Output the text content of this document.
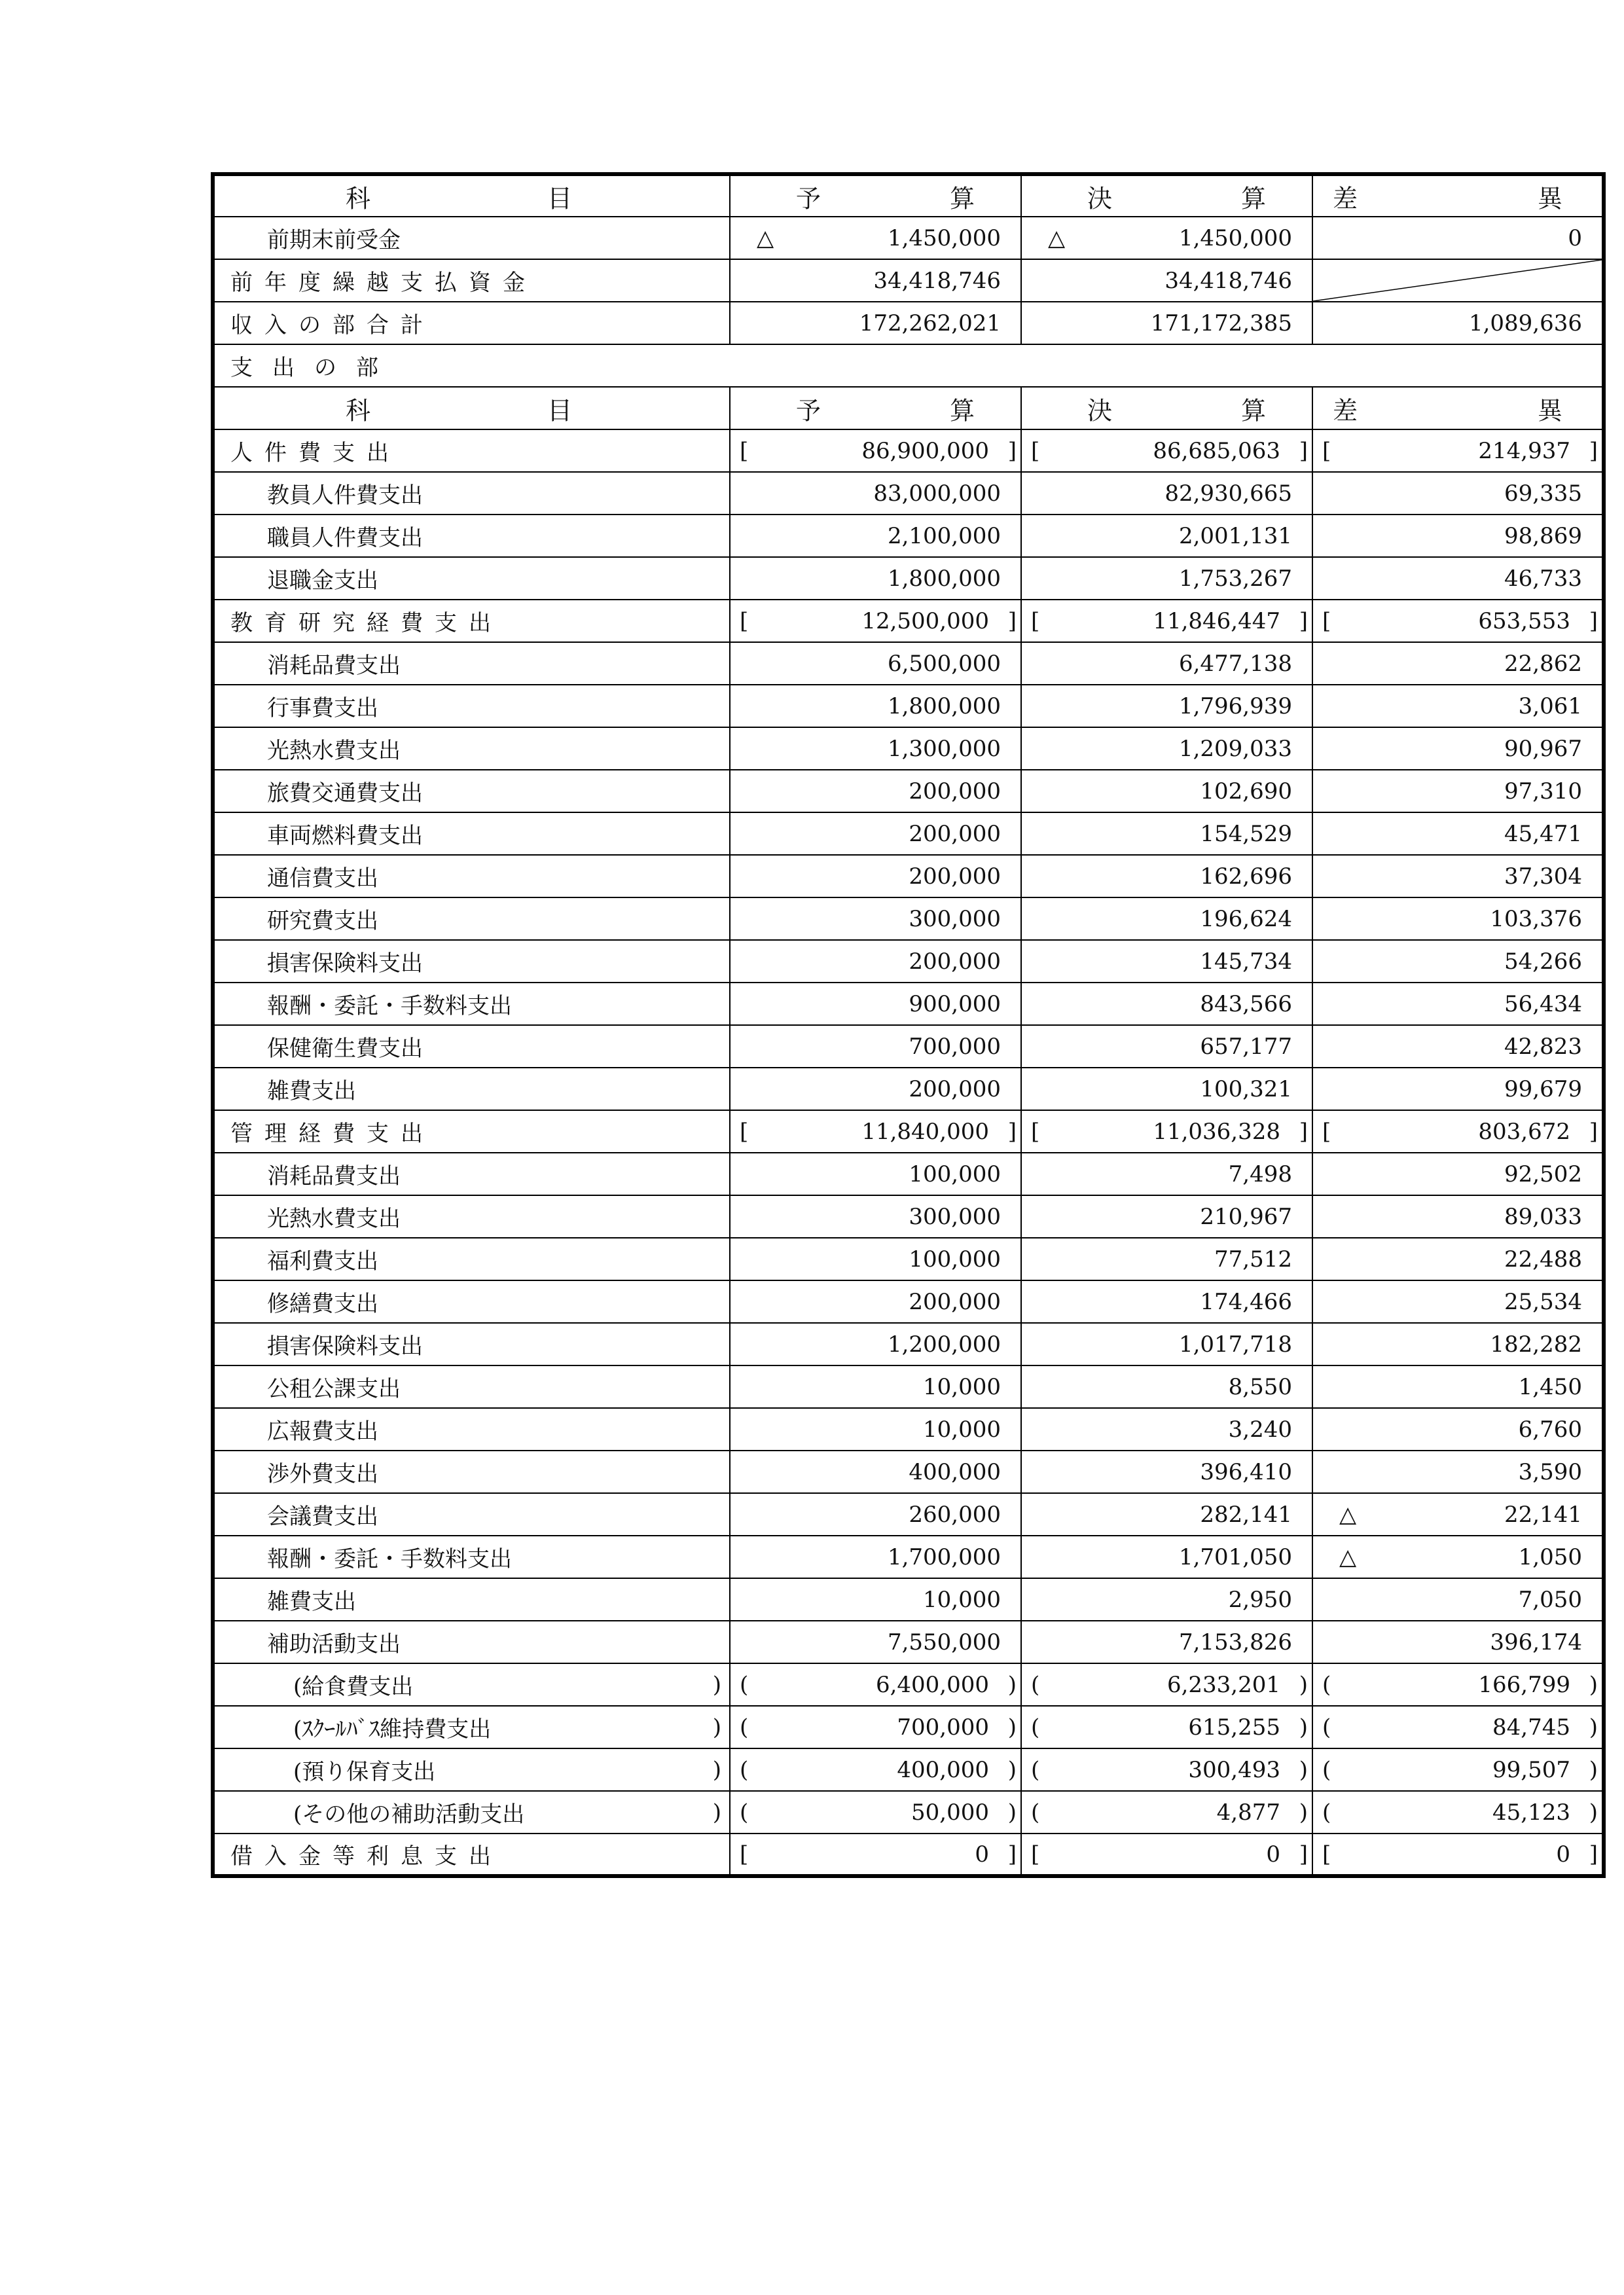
科 目	予 算	決 算	差 異

前期末前受金	△ 1,450,000	△ 1,450,000	0

前年度繰越支払資金	34,418,746	34,418,746

収入の部合計	172,262,021	171,172,385	1,089,636

支出の部			

科 目	予 算	決 算	差 異

人件費支出	[ 86,900,000 ]	[ 86,685,063 ]	[ 214,937 ]

教員人件費支出	83,000,000	82,930,665	69,335

職員人件費支出	2,100,000	2,001,131	98,869

退職金支出	1,800,000	1,753,267	46,733

教育研究経費支出	[ 12,500,000 ]	[ 11,846,447 ]	[ 653,553 ]

消耗品費支出	6,500,000	6,477,138	22,862

行事費支出	1,800,000	1,796,939	3,061

光熱水費支出	1,300,000	1,209,033	90,967

旅費交通費支出	200,000	102,690	97,310

車両燃料費支出	200,000	154,529	45,471

通信費支出	200,000	162,696	37,304

研究費支出	300,000	196,624	103,376

損害保険料支出	200,000	145,734	54,266

報酬・委託・手数料支出	900,000	843,566	56,434

保健衛生費支出	700,000	657,177	42,823

雑費支出	200,000	100,321	99,679

管理経費支出	[ 11,840,000 ]	[ 11,036,328 ]	[ 803,672 ]

消耗品費支出	100,000	7,498	92,502

光熱水費支出	300,000	210,967	89,033

福利費支出	100,000	77,512	22,488

修繕費支出	200,000	174,466	25,534

損害保険料支出	1,200,000	1,017,718	182,282

公租公課支出	10,000	8,550	1,450

広報費支出	10,000	3,240	6,760

渉外費支出	400,000	396,410	3,590

会議費支出	260,000	282,141	△ 22,141

報酬・委託・手数料支出	1,700,000	1,701,050	△ 1,050

雑費支出	10,000	2,950	7,050

補助活動支出	7,550,000	7,153,826	396,174

(給食費支出 )	( 6,400,000 )	( 6,233,201 )	( 166,799 )

(ｽｸｰﾙﾊﾞｽ維持費支出 )	( 700,000 )	( 615,255 )	( 84,745 )

(預り保育支出 )	( 400,000 )	( 300,493 )	( 99,507 )

(その他の補助活動支出 )	( 50,000 )	( 4,877 )	( 45,123 )

借入金等利息支出	[ 0 ]	[ 0 ]	[ 0 ]
